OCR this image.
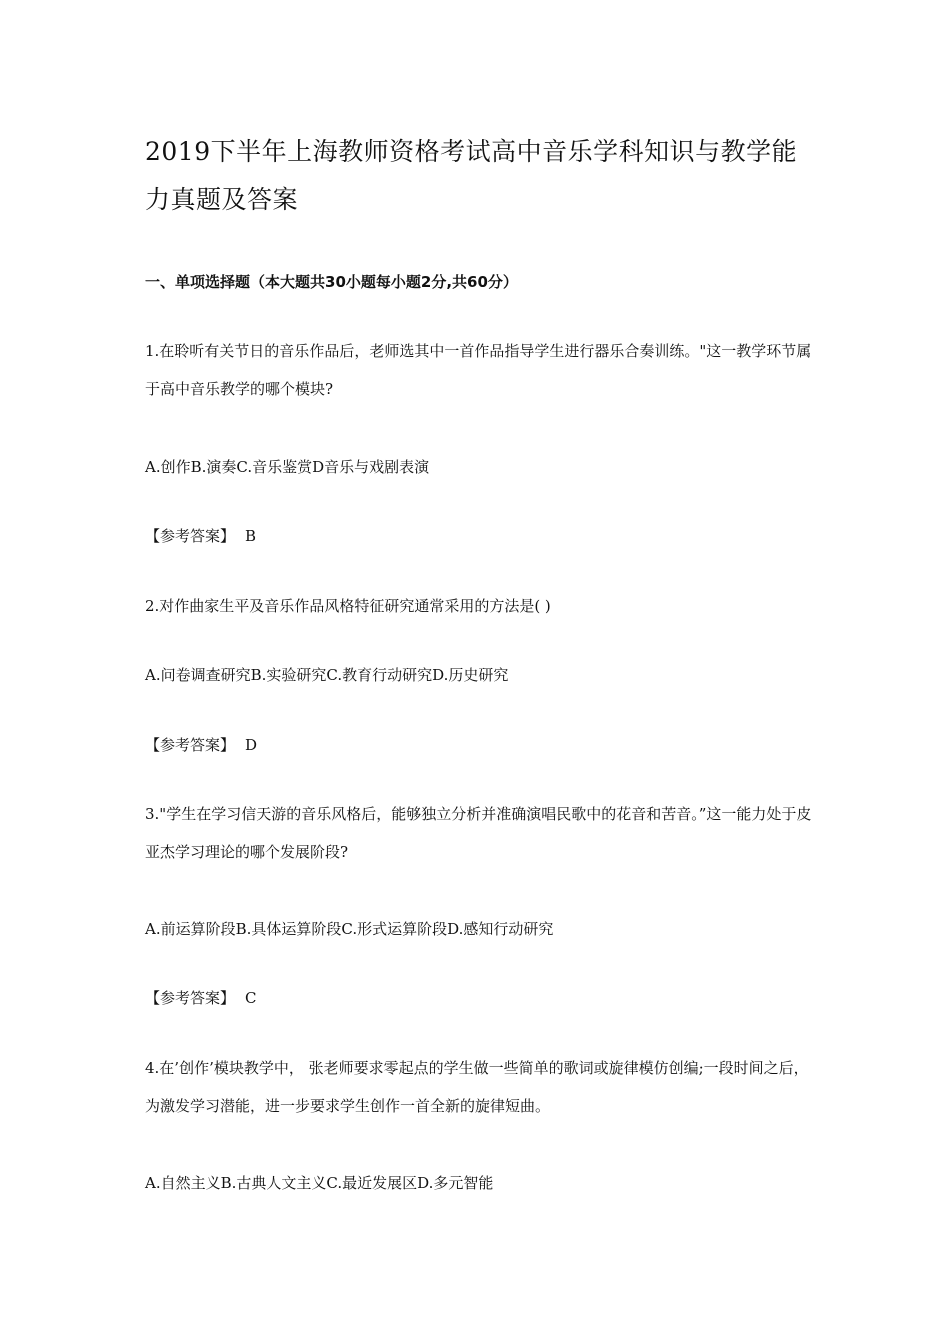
2019下半年上海教师资格考试高中音乐学科知识与教学能力真题及答案
一、单项选择题（本大题共30小题每小题2分,共60分）

1.在聆听有关节日的音乐作品后，老师选其中一首作品指导学生进行器乐合奏训练。"这一教学环节属于高中音乐教学的哪个模块?

A.创作B.演奏C.音乐鉴赏D音乐与戏剧表演

【参考答案】 B

2.对作曲家生平及音乐作品风格特征研究通常采用的方法是( )

A.问卷调查研究B.实验研究C.教育行动研究D.历史研究

【参考答案】 D

3."学生在学习信天游的音乐风格后，能够独立分析并准确演唱民歌中的花音和苦音。”这一能力处于皮亚杰学习理论的哪个发展阶段?

A.前运算阶段B.具体运算阶段C.形式运算阶段D.感知行动研究

【参考答案】 C

4.在’创作’模块教学中， 张老师要求零起点的学生做一些简单的歌词或旋律模仿创编;一段时间之后，为激发学习潜能，进一步要求学生创作一首全新的旋律短曲。

A.自然主义B.古典人文主义C.最近发展区D.多元智能
